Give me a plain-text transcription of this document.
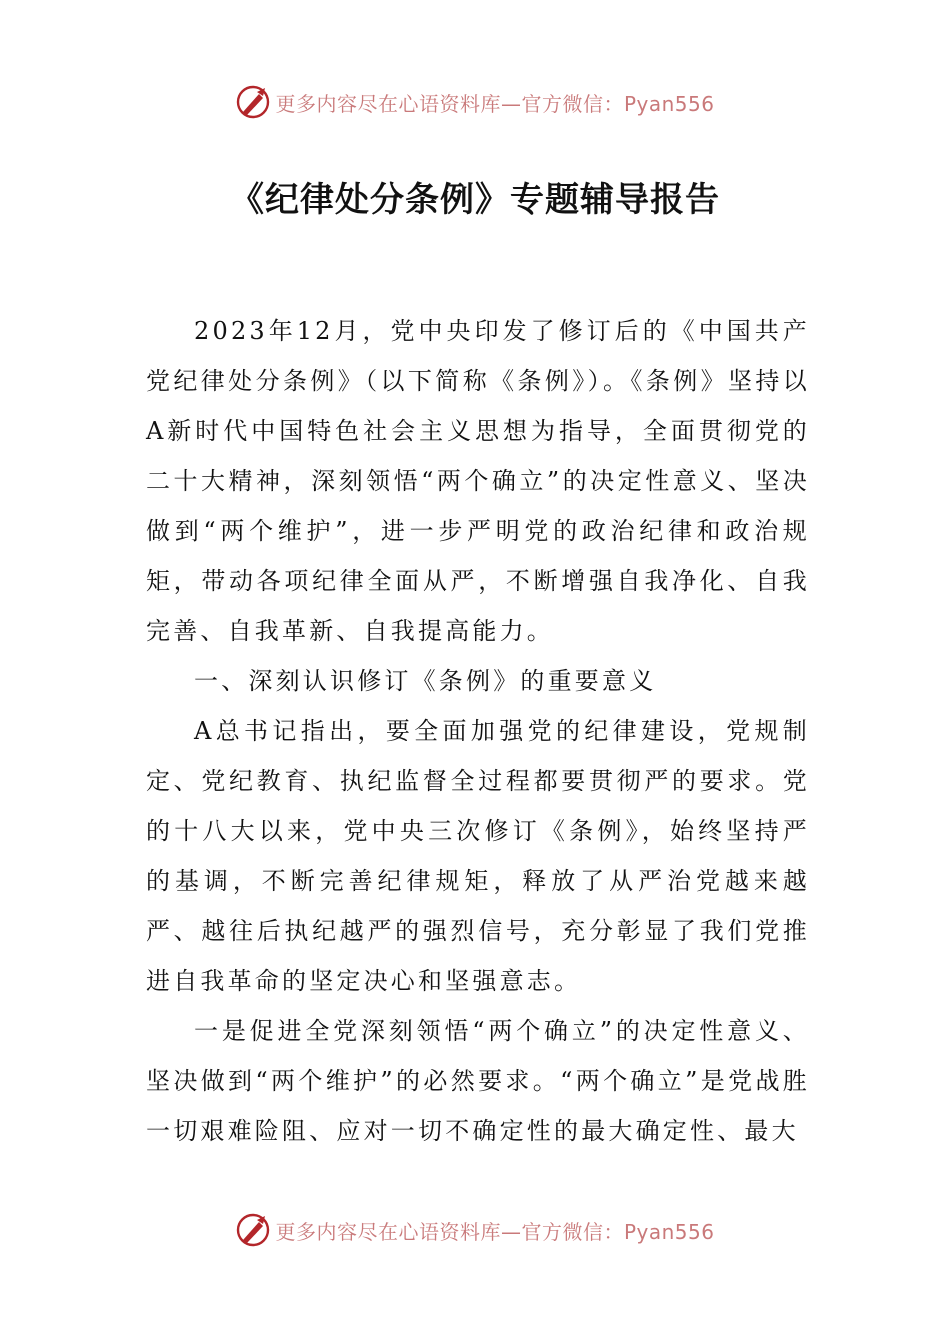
更多内容尽在心语资料库—官方微信：Pyan556
《纪律处分条例》专题辅导报告

2023年12月，党中央印发了修订后的《中国共产党纪律处分条例》（以下简称《条例》）。《条例》坚持以A新时代中国特色社会主义思想为指导，全面贯彻党的二十大精神，深刻领悟“两个确立”的决定性意义、坚决做到“两个维护”，进一步严明党的政治纪律和政治规矩，带动各项纪律全面从严，不断增强自我净化、自我完善、自我革新、自我提高能力。

一、深刻认识修订《条例》的重要意义

A总书记指出，要全面加强党的纪律建设，党规制定、党纪教育、执纪监督全过程都要贯彻严的要求。党的十八大以来，党中央三次修订《条例》，始终坚持严的基调，不断完善纪律规矩，释放了从严治党越来越严、越往后执纪越严的强烈信号，充分彰显了我们党推进自我革命的坚定决心和坚强意志。

一是促进全党深刻领悟“两个确立”的决定性意义、坚决做到“两个维护”的必然要求。“两个确立”是党战胜一切艰难险阻、应对一切不确定性的最大确定性、最大

更多内容尽在心语资料库—官方微信：Pyan556
